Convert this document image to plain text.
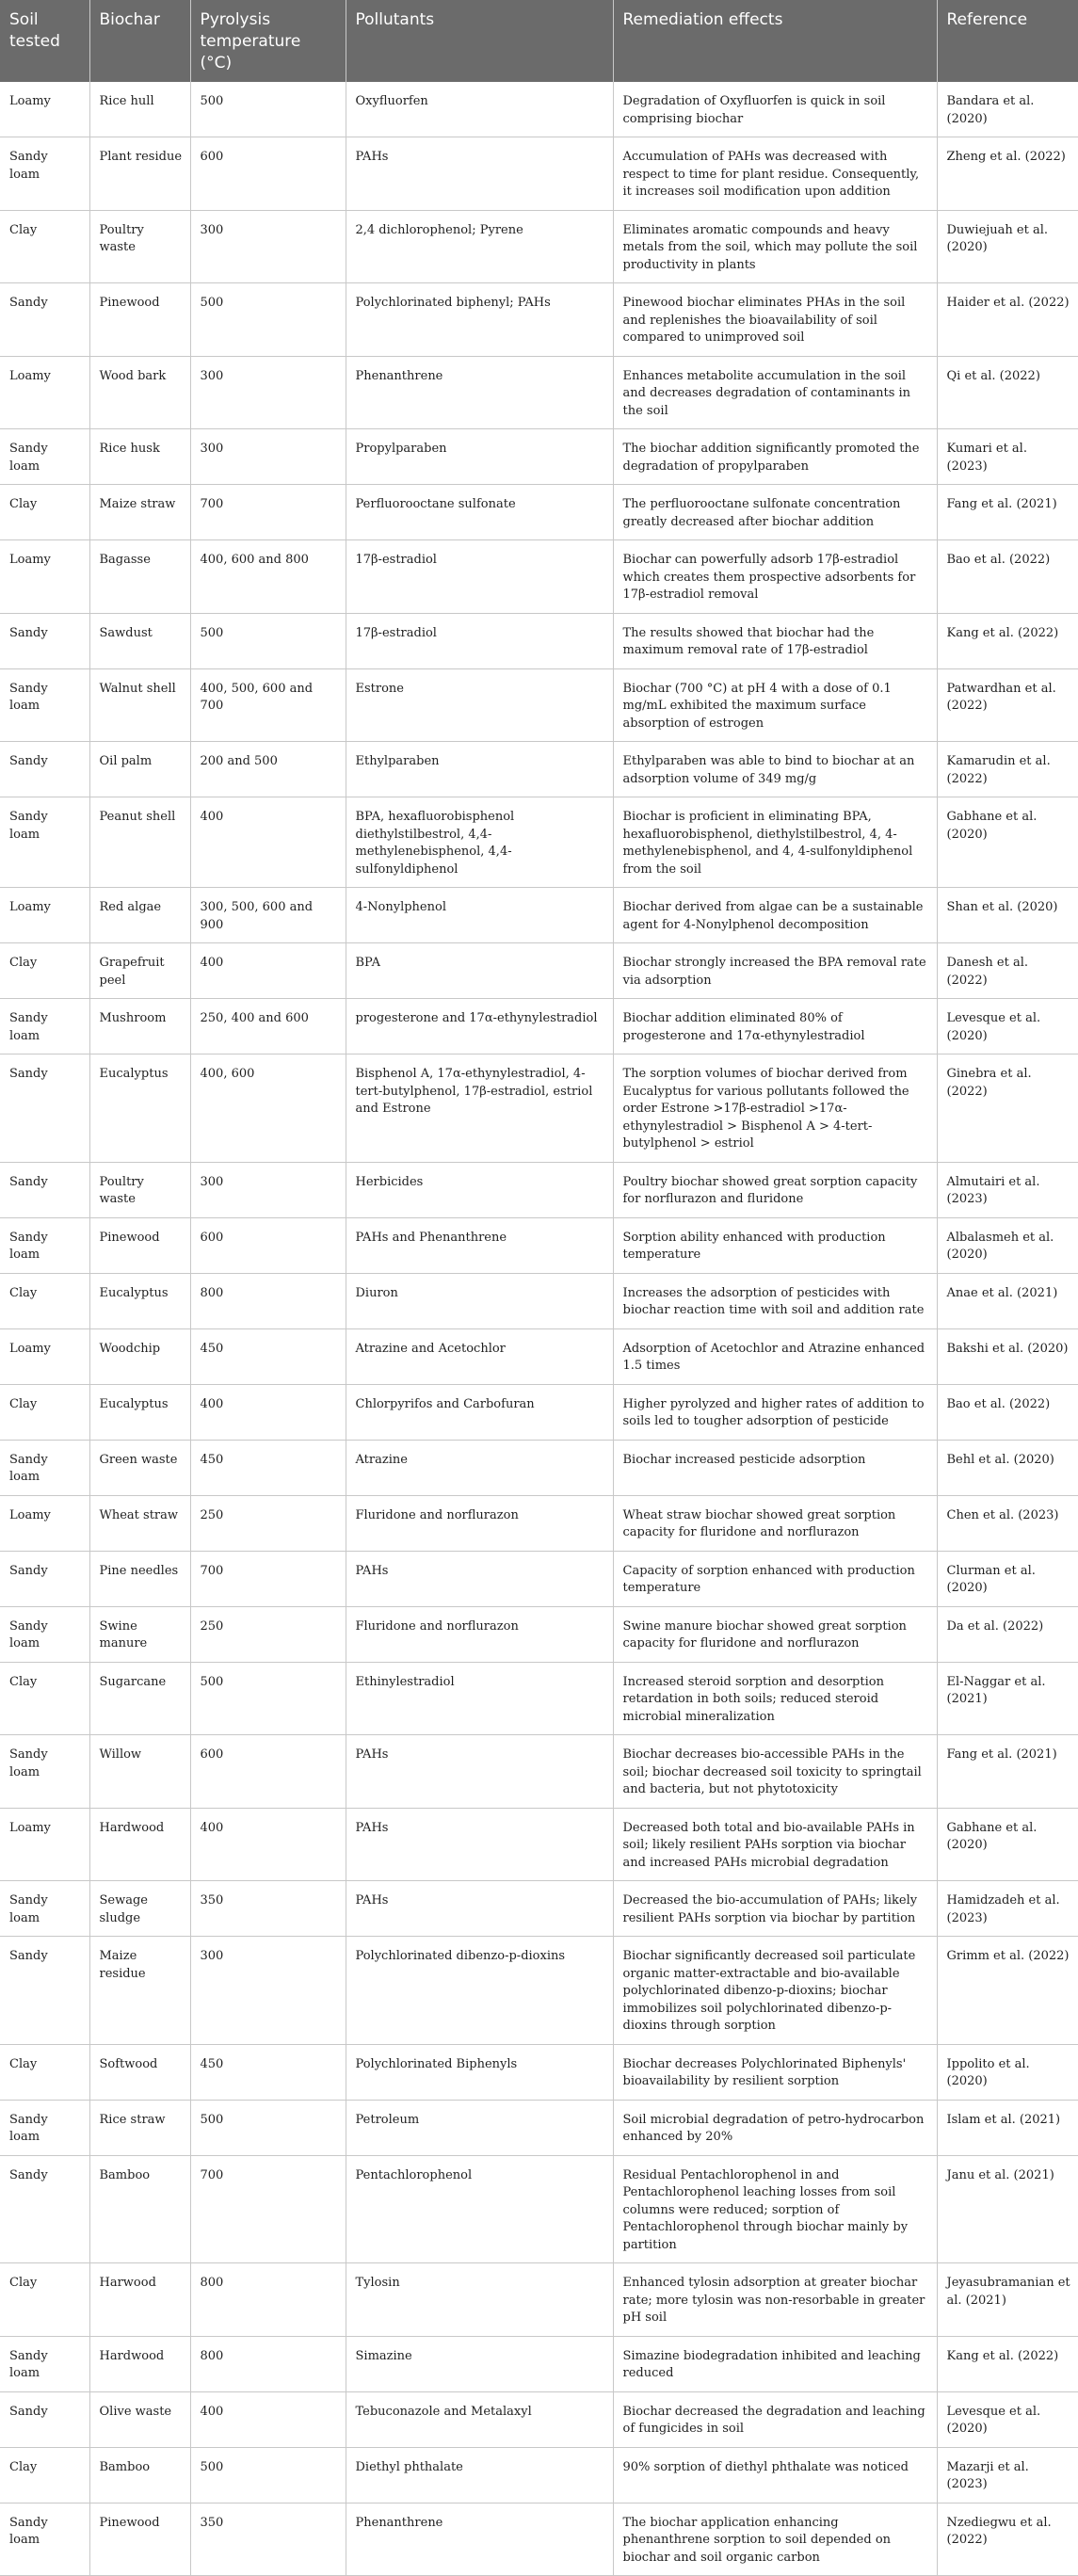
Soil tested	Biochar	Pyrolysis temperature (°C)	Pollutants	Remediation effects	Reference
Loamy	Rice hull	500	Oxyfluorfen	Degradation of Oxyfluorfen is quick in soil comprising biochar	Bandara et al. (2020)
Sandy loam	Plant residue	600	PAHs	Accumulation of PAHs was decreased with respect to time for plant residue. Consequently, it increases soil modification upon addition	Zheng et al. (2022)
Clay	Poultry waste	300	2,4 dichlorophenol; Pyrene	Eliminates aromatic compounds and heavy metals from the soil, which may pollute the soil productivity in plants	Duwiejuah et al. (2020)
Sandy	Pinewood	500	Polychlorinated biphenyl; PAHs	Pinewood biochar eliminates PHAs in the soil and replenishes the bioavailability of soil compared to unimproved soil	Haider et al. (2022)
Loamy	Wood bark	300	Phenanthrene	Enhances metabolite accumulation in the soil and decreases degradation of contaminants in the soil	Qi et al. (2022)
Sandy loam	Rice husk	300	Propylparaben	The biochar addition significantly promoted the degradation of propylparaben	Kumari et al. (2023)
Clay	Maize straw	700	Perfluorooctane sulfonate	The perfluorooctane sulfonate concentration greatly decreased after biochar addition	Fang et al. (2021)
Loamy	Bagasse	400, 600 and 800	17β-estradiol	Biochar can powerfully adsorb 17β-estradiol which creates them prospective adsorbents for 17β-estradiol removal	Bao et al. (2022)
Sandy	Sawdust	500	17β-estradiol	The results showed that biochar had the maximum removal rate of 17β-estradiol	Kang et al. (2022)
Sandy loam	Walnut shell	400, 500, 600 and 700	Estrone	Biochar (700 °C) at pH 4 with a dose of 0.1 mg/mL exhibited the maximum surface absorption of estrogen	Patwardhan et al. (2022)
Sandy	Oil palm	200 and 500	Ethylparaben	Ethylparaben was able to bind to biochar at an adsorption volume of 349 mg/g	Kamarudin et al. (2022)
Sandy loam	Peanut shell	400	BPA, hexafluorobisphenol diethylstilbestrol, 4,4-methylenebisphenol, 4,4-sulfonyldiphenol	Biochar is proficient in eliminating BPA, hexafluorobisphenol, diethylstilbestrol, 4, 4-methylenebisphenol, and 4, 4-sulfonyldiphenol from the soil	Gabhane et al. (2020)
Loamy	Red algae	300, 500, 600 and 900	4-Nonylphenol	Biochar derived from algae can be a sustainable agent for 4-Nonylphenol decomposition	Shan et al. (2020)
Clay	Grapefruit peel	400	BPA	Biochar strongly increased the BPA removal rate via adsorption	Danesh et al. (2022)
Sandy loam	Mushroom	250, 400 and 600	progesterone and 17α-ethynylestradiol	Biochar addition eliminated 80% of progesterone and 17α-ethynylestradiol	Levesque et al. (2020)
Sandy	Eucalyptus	400, 600	Bisphenol A, 17α-ethynylestradiol, 4-tert-butylphenol, 17β-estradiol, estriol and Estrone	The sorption volumes of biochar derived from Eucalyptus for various pollutants followed the order Estrone >17β-estradiol >17α-ethynylestradiol > Bisphenol A > 4-tert-butylphenol > estriol	Ginebra et al. (2022)
Sandy	Poultry waste	300	Herbicides	Poultry biochar showed great sorption capacity for norflurazon and fluridone	Almutairi et al. (2023)
Sandy loam	Pinewood	600	PAHs and Phenanthrene	Sorption ability enhanced with production temperature	Albalasmeh et al. (2020)
Clay	Eucalyptus	800	Diuron	Increases the adsorption of pesticides with biochar reaction time with soil and addition rate	Anae et al. (2021)
Loamy	Woodchip	450	Atrazine and Acetochlor	Adsorption of Acetochlor and Atrazine enhanced 1.5 times	Bakshi et al. (2020)
Clay	Eucalyptus	400	Chlorpyrifos and Carbofuran	Higher pyrolyzed and higher rates of addition to soils led to tougher adsorption of pesticide	Bao et al. (2022)
Sandy loam	Green waste	450	Atrazine	Biochar increased pesticide adsorption	Behl et al. (2020)
Loamy	Wheat straw	250	Fluridone and norflurazon	Wheat straw biochar showed great sorption capacity for fluridone and norflurazon	Chen et al. (2023)
Sandy	Pine needles	700	PAHs	Capacity of sorption enhanced with production temperature	Clurman et al. (2020)
Sandy loam	Swine manure	250	Fluridone and norflurazon	Swine manure biochar showed great sorption capacity for fluridone and norflurazon	Da et al. (2022)
Clay	Sugarcane	500	Ethinylestradiol	Increased steroid sorption and desorption retardation in both soils; reduced steroid microbial mineralization	El-Naggar et al. (2021)
Sandy loam	Willow	600	PAHs	Biochar decreases bio-accessible PAHs in the soil; biochar decreased soil toxicity to springtail and bacteria, but not phytotoxicity	Fang et al. (2021)
Loamy	Hardwood	400	PAHs	Decreased both total and bio-available PAHs in soil; likely resilient PAHs sorption via biochar and increased PAHs microbial degradation	Gabhane et al. (2020)
Sandy loam	Sewage sludge	350	PAHs	Decreased the bio-accumulation of PAHs; likely resilient PAHs sorption via biochar by partition	Hamidzadeh et al. (2023)
Sandy	Maize residue	300	Polychlorinated dibenzo-p-dioxins	Biochar significantly decreased soil particulate organic matter-extractable and bio-available polychlorinated dibenzo-p-dioxins; biochar immobilizes soil polychlorinated dibenzo-p-dioxins through sorption	Grimm et al. (2022)
Clay	Softwood	450	Polychlorinated Biphenyls	Biochar decreases Polychlorinated Biphenyls' bioavailability by resilient sorption	Ippolito et al. (2020)
Sandy loam	Rice straw	500	Petroleum	Soil microbial degradation of petro-hydrocarbon enhanced by 20%	Islam et al. (2021)
Sandy	Bamboo	700	Pentachlorophenol	Residual Pentachlorophenol in and Pentachlorophenol leaching losses from soil columns were reduced; sorption of Pentachlorophenol through biochar mainly by partition	Janu et al. (2021)
Clay	Harwood	800	Tylosin	Enhanced tylosin adsorption at greater biochar rate; more tylosin was non-resorbable in greater pH soil	Jeyasubramanian et al. (2021)
Sandy loam	Hardwood	800	Simazine	Simazine biodegradation inhibited and leaching reduced	Kang et al. (2022)
Sandy	Olive waste	400	Tebuconazole and Metalaxyl	Biochar decreased the degradation and leaching of fungicides in soil	Levesque et al. (2020)
Clay	Bamboo	500	Diethyl phthalate	90% sorption of diethyl phthalate was noticed	Mazarji et al. (2023)
Sandy loam	Pinewood	350	Phenanthrene	The biochar application enhancing phenanthrene sorption to soil depended on biochar and soil organic carbon	Nzediegwu et al. (2022)
